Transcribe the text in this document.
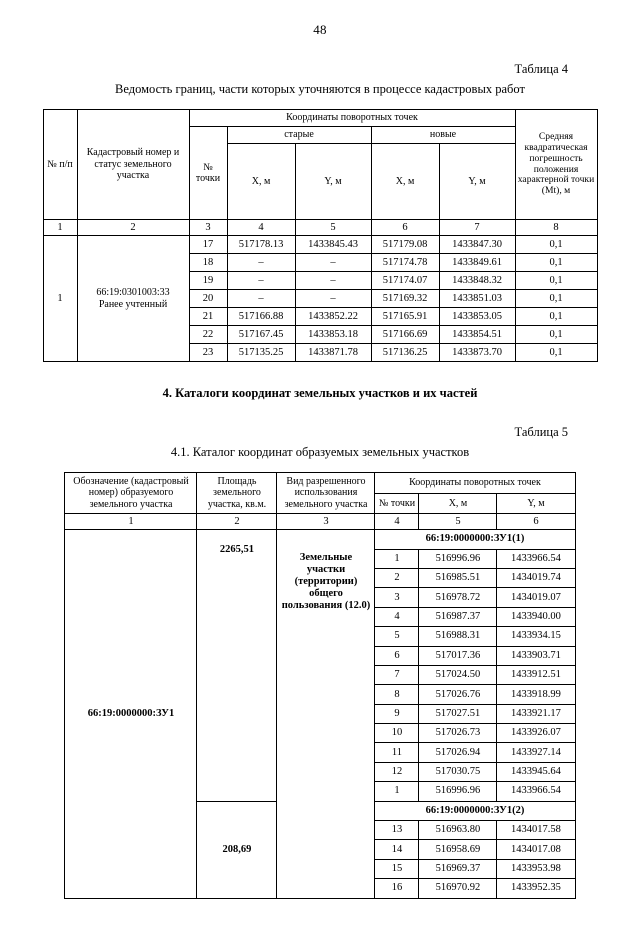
48
Таблица 4
Ведомость границ, части которых уточняются в процессе кадастровых работ
№ п/п	Кадастровый номер и статус земельного участка	Координаты поворотных точек					Средняя квадратическая погрешность положения характерной точки (Мt), м
		№ точки	старые		новые		
			X, м	Y, м	X, м	Y, м	
1	2	3	4	5	6	7	8
1	66:19:0301003:33
Ранее учтенный	17	517178.13	1433845.43	517179.08	1433847.30	0,1
		18	–	–	517174.78	1433849.61	0,1
		19	–	–	517174.07	1433848.32	0,1
		20	–	–	517169.32	1433851.03	0,1
		21	517166.88	1433852.22	517165.91	1433853.05	0,1
		22	517167.45	1433853.18	517166.69	1433854.51	0,1
		23	517135.25	1433871.78	517136.25	1433873.70	0,1
4. Каталоги координат земельных участков и их частей
Таблица 5
4.1. Каталог координат образуемых земельных участков
Обозначение (кадастровый номер) образуемого земельного участка	Площадь земельного участка, кв.м.	Вид разрешенного использования земельного участка	Координаты поворотных точек		
			№ точки	X, м	Y, м
1	2	3	4	5	6
66:19:0000000:ЗУ1	2265,51	Земельные участки (территории) общего пользования (12.0)	66:19:0000000:ЗУ1(1)		
			1	516996.96	1433966.54
			2	516985.51	1434019.74
			3	516978.72	1434019.07
			4	516987.37	1433940.00
			5	516988.31	1433934.15
			6	517017.36	1433903.71
			7	517024.50	1433912.51
			8	517026.76	1433918.99
			9	517027.51	1433921.17
			10	517026.73	1433926.07
			11	517026.94	1433927.14
			12	517030.75	1433945.64
			1	516996.96	1433966.54
	208,69		66:19:0000000:ЗУ1(2)		
			13	516963.80	1434017.58
			14	516958.69	1434017.08
			15	516969.37	1433953.98
			16	516970.92	1433952.35
